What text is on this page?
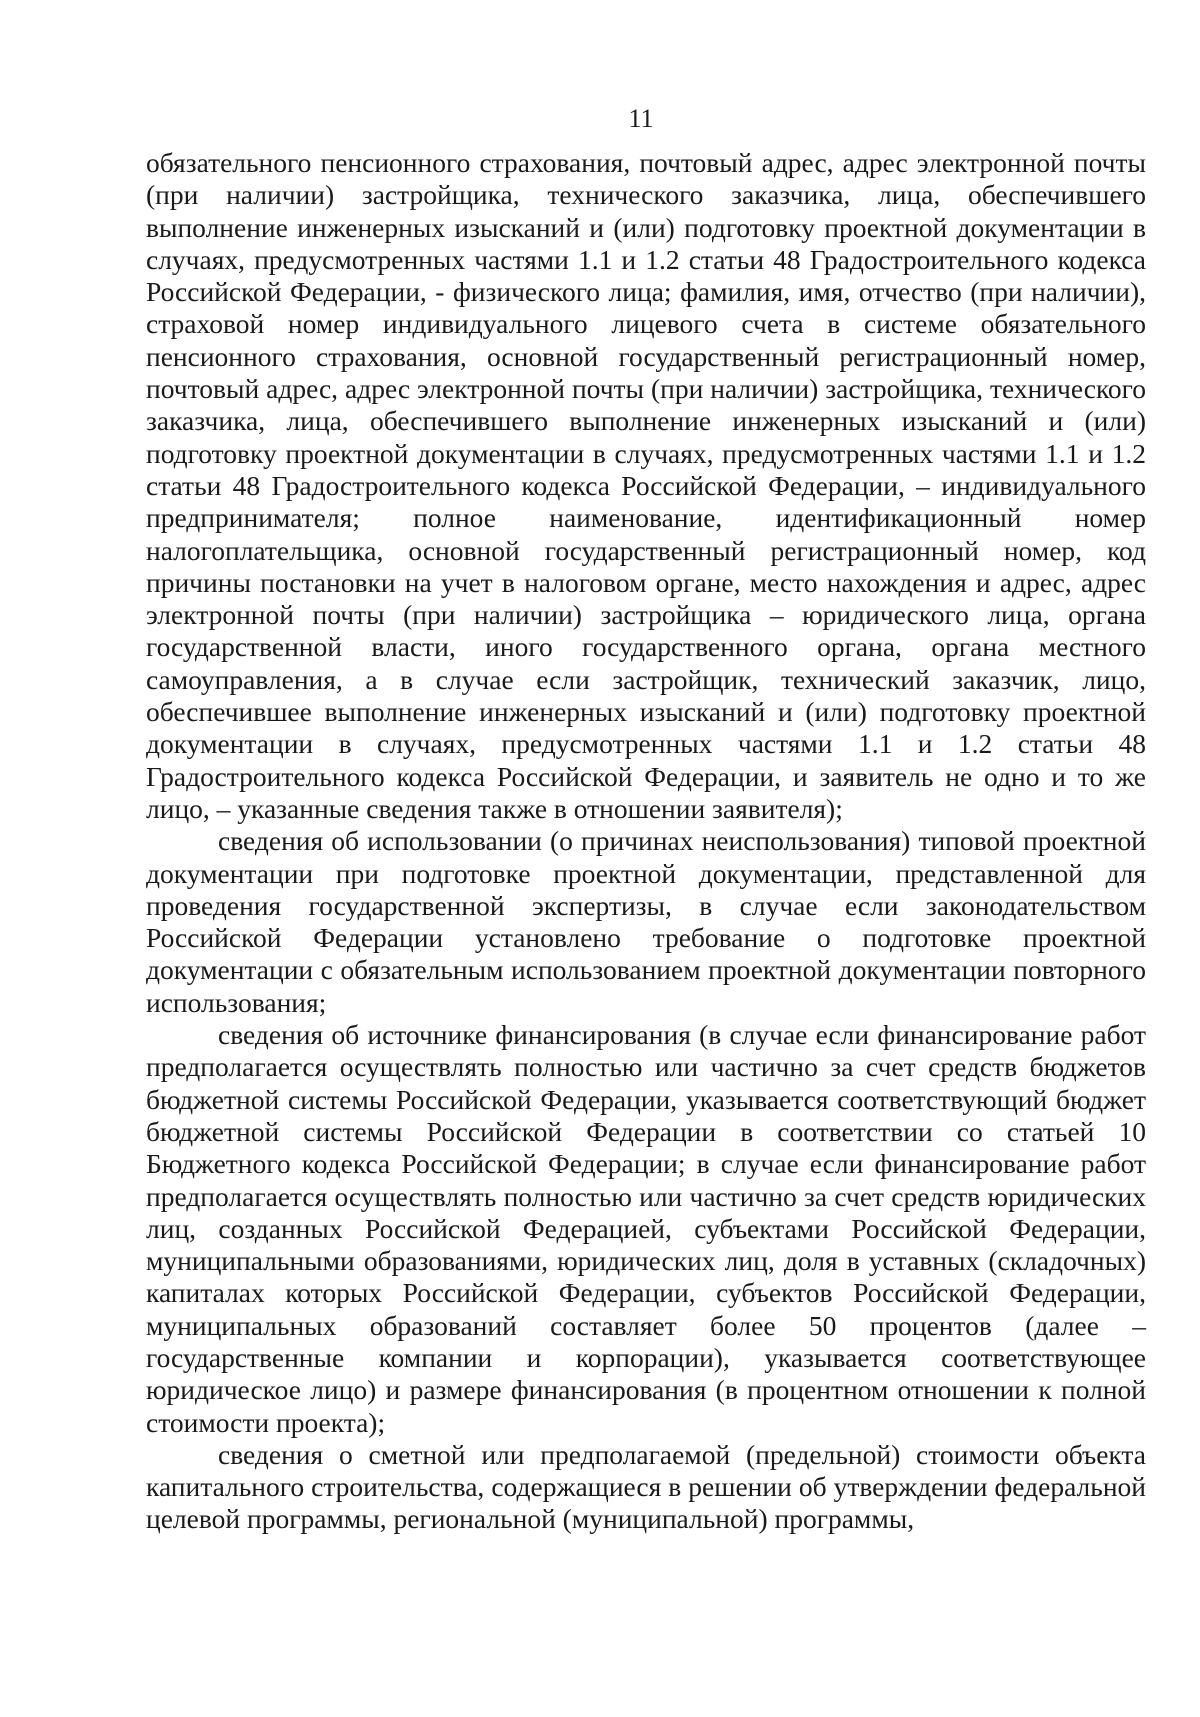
11

обязательного пенсионного страхования, почтовый адрес, адрес электронной почты (при наличии) застройщика, технического заказчика, лица, обеспечившего выполнение инженерных изысканий и (или) подготовку проектной документации в случаях, предусмотренных частями 1.1 и 1.2 статьи 48 Градостроительного кодекса Российской Федерации, - физического лица; фамилия, имя, отчество (при наличии), страховой номер индивидуального лицевого счета в системе обязательного пенсионного страхования, основной государственный регистрационный номер, почтовый адрес, адрес электронной почты (при наличии) застройщика, технического заказчика, лица, обеспечившего выполнение инженерных изысканий и (или) подготовку проектной документации в случаях, предусмотренных частями 1.1 и 1.2 статьи 48 Градостроительного кодекса Российской Федерации, – индивидуального предпринимателя; полное наименование, идентификационный номер налогоплательщика, основной государственный регистрационный номер, код причины постановки на учет в налоговом органе, место нахождения и адрес, адрес электронной почты (при наличии) застройщика – юридического лица, органа государственной власти, иного государственного органа, органа местного самоуправления, а в случае если застройщик, технический заказчик, лицо, обеспечившее выполнение инженерных изысканий и (или) подготовку проектной документации в случаях, предусмотренных частями 1.1 и 1.2 статьи 48 Градостроительного кодекса Российской Федерации, и заявитель не одно и то же лицо, – указанные сведения также в отношении заявителя);

сведения об использовании (о причинах неиспользования) типовой проектной документации при подготовке проектной документации, представленной для проведения государственной экспертизы, в случае если законодательством Российской Федерации установлено требование о подготовке проектной документации с обязательным использованием проектной документации повторного использования;

сведения об источнике финансирования (в случае если финансирование работ предполагается осуществлять полностью или частично за счет средств бюджетов бюджетной системы Российской Федерации, указывается соответствующий бюджет бюджетной системы Российской Федерации в соответствии со статьей 10 Бюджетного кодекса Российской Федерации; в случае если финансирование работ предполагается осуществлять полностью или частично за счет средств юридических лиц, созданных Российской Федерацией, субъектами Российской Федерации, муниципальными образованиями, юридических лиц, доля в уставных (складочных) капиталах которых Российской Федерации, субъектов Российской Федерации, муниципальных образований составляет более 50 процентов (далее – государственные компании и корпорации), указывается соответствующее юридическое лицо) и размере финансирования (в процентном отношении к полной стоимости проекта);

сведения о сметной или предполагаемой (предельной) стоимости объекта капитального строительства, содержащиеся в решении об утверждении федеральной целевой программы, региональной (муниципальной) программы,
